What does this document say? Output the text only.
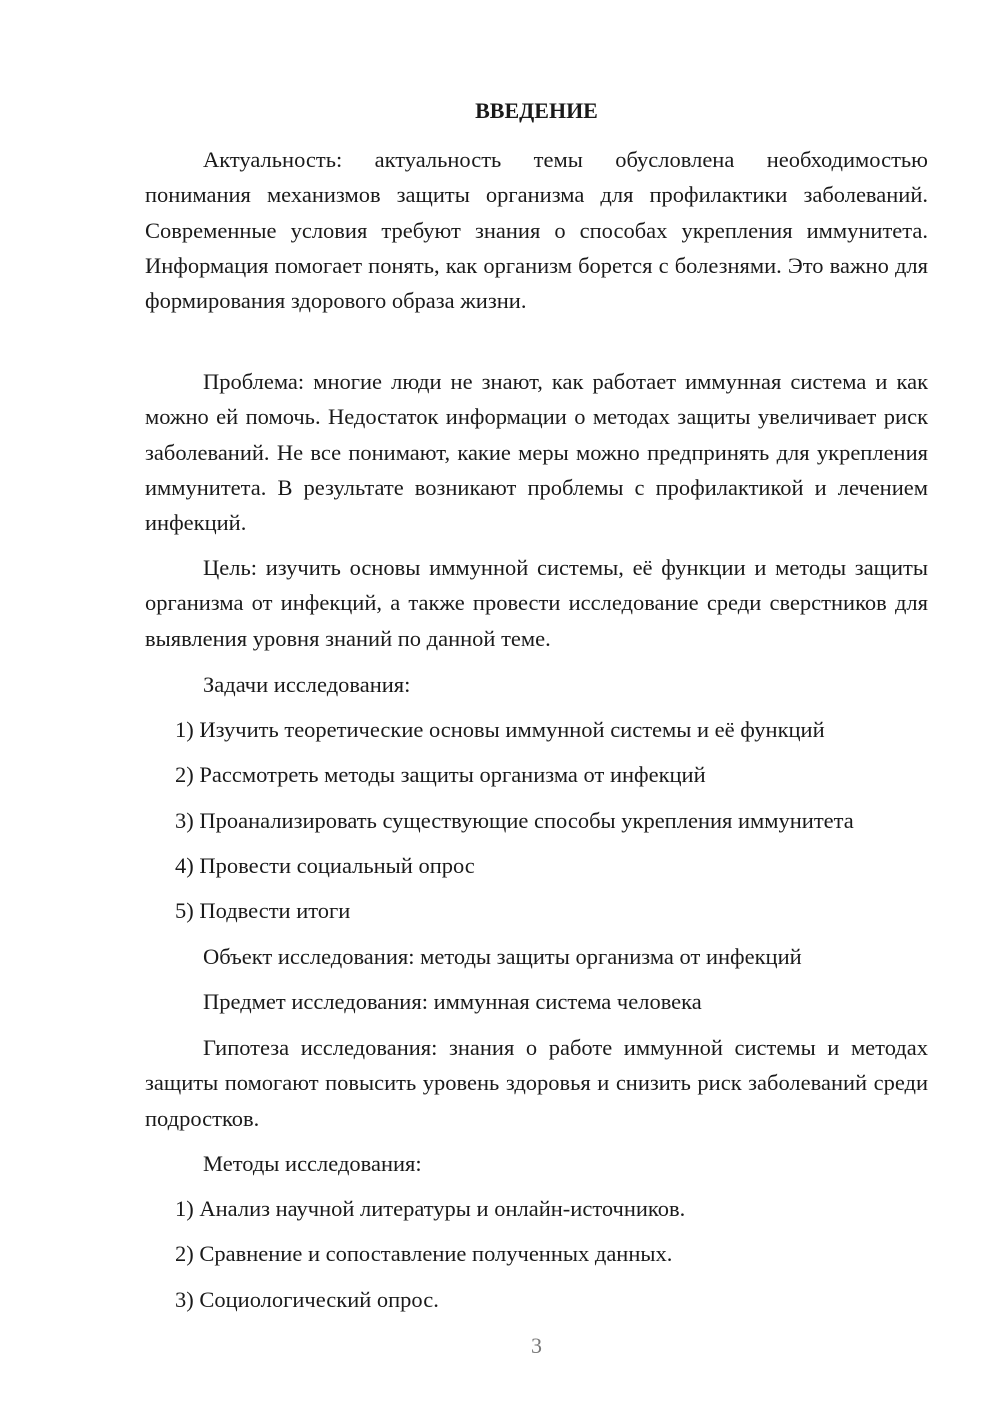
ВВЕДЕНИЕ

Актуальность: актуальность темы обусловлена необходимостью понимания механизмов защиты организма для профилактики заболеваний. Современные условия требуют знания о способах укрепления иммунитета. Информация помогает понять, как организм борется с болезнями. Это важно для формирования здорового образа жизни.

Проблема: многие люди не знают, как работает иммунная система и как можно ей помочь. Недостаток информации о методах защиты увеличивает риск заболеваний. Не все понимают, какие меры можно предпринять для укрепления иммунитета. В результате возникают проблемы с профилактикой и лечением инфекций.

Цель: изучить основы иммунной системы, её функции и методы защиты организма от инфекций, а также провести исследование среди сверстников для выявления уровня знаний по данной теме.

Задачи исследования:

1) Изучить теоретические основы иммунной системы и её функций

2) Рассмотреть методы защиты организма от инфекций

3) Проанализировать существующие способы укрепления иммунитета

4) Провести социальный опрос

5) Подвести итоги

Объект исследования: методы защиты организма от инфекций

Предмет исследования: иммунная система человека

Гипотеза исследования: знания о работе иммунной системы и методах защиты помогают повысить уровень здоровья и снизить риск заболеваний среди подростков.

Методы исследования:

1) Анализ научной литературы и онлайн-источников.

2) Сравнение и сопоставление полученных данных.

3) Социологический опрос.

3
